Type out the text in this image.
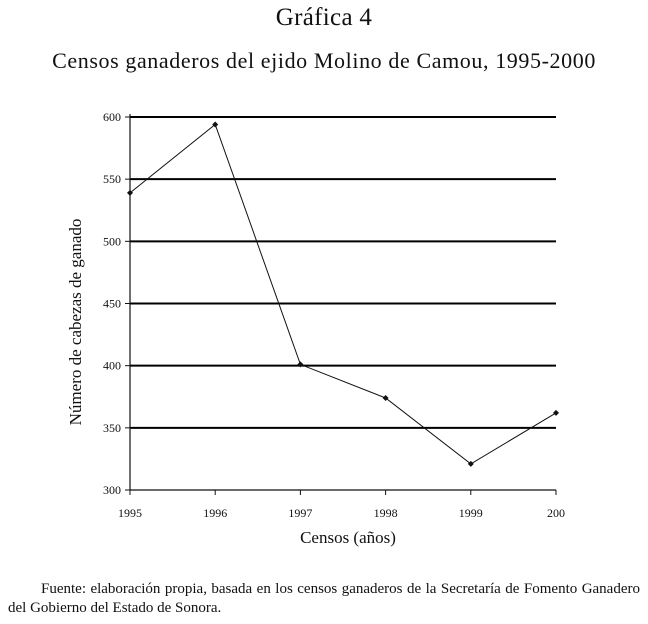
Gráfica 4
Censos ganaderos del ejido Molino de Camou, 1995-2000
300
350
400
450
500
550
600
1995	1996	1997	1998	1999	200
Censos (años)
Número de cabezas de ganado
Fuente: elaboración propia, basada en los censos ganaderos de la Secretaría de Fomento Ganadero del Gobierno del Estado de Sonora.
